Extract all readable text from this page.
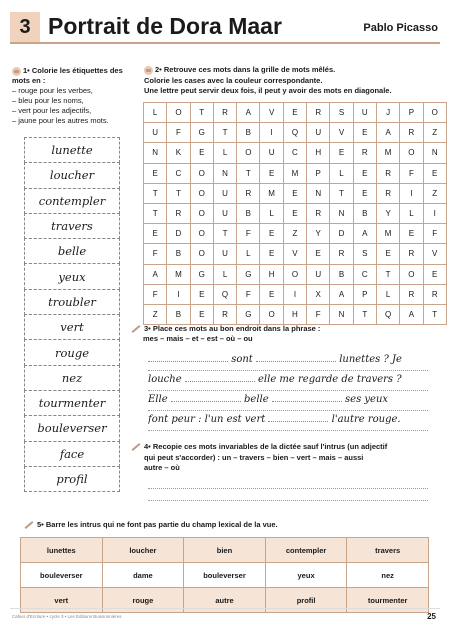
3 Portrait de Dora Maar	Pablo Picasso
1• Colorie les étiquettes des mots en :
– rouge pour les verbes,
– bleu pour les noms,
– vert pour les adjectifs,
– jaune pour les autres mots.
lunette
loucher
contempler
travers
belle
yeux
troubler
vert
rouge
nez
tourmenter
bouleverser
face
profil
2• Retrouve ces mots dans la grille de mots mêlés.
Colorie les cases avec la couleur correspondante.
Une lettre peut servir deux fois, il peut y avoir des mots en diagonale.
L	O	T	R	A	V	E	R	S	U	J	P	O
U	F	G	T	B	I	Q	U	V	E	A	R	Z
N	K	E	L	O	U	C	H	E	R	M	O	N
E	C	O	N	T	E	M	P	L	E	R	F	E
T	T	O	U	R	M	E	N	T	E	R	I	Z
T	R	O	U	B	L	E	R	N	B	Y	L	I
E	D	O	T	F	E	Z	Y	D	A	M	E	F
F	B	O	U	L	E	V	E	R	S	E	R	V
A	M	G	L	G	H	O	U	B	C	T	O	E
F	I	E	Q	F	E	I	X	A	P	L	R	R
Z	B	E	R	G	O	H	F	N	T	Q	A	T
3• Place ces mots au bon endroit dans la phrase :
mes – mais – et – est – où – ou
sont	lunettes ? Je
louche	elle me regarde de travers ?
Elle	belle	ses yeux
font peur : l'un est vert	l'autre rouge.
4• Recopie ces mots invariables de la dictée sauf l'intrus (un adjectif
qui peut s'accorder) : un – travers – bien – vert – mais – aussi
autre – où
5• Barre les intrus qui ne font pas partie du champ lexical de la vue.
lunettes	loucher	bien	contempler	travers
bouleverser	dame	bouleverser	yeux	nez
vert	rouge	autre	profil	tourmenter
Cahier d'Ecriture • cycle 3 • Les Editions Buissonnières	25
